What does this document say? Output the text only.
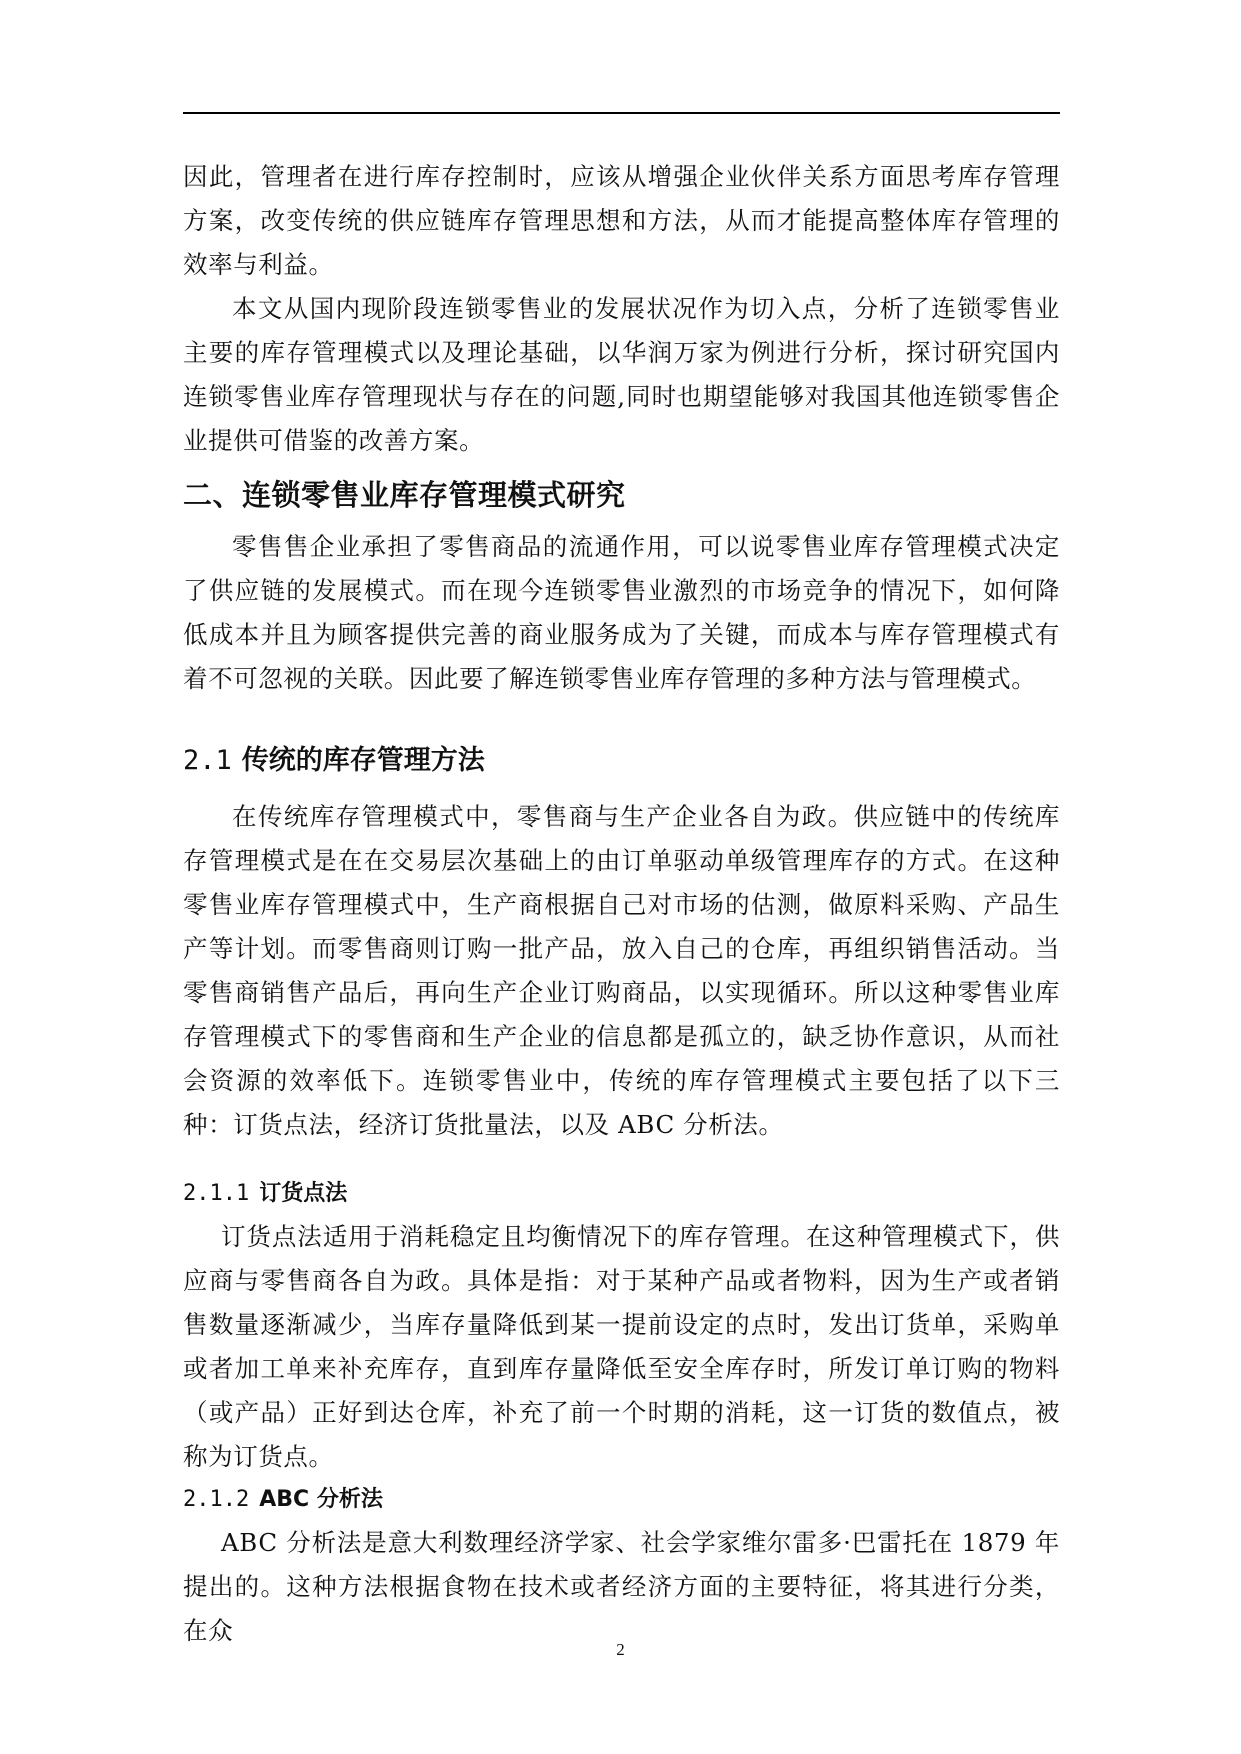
因此，管理者在进行库存控制时，应该从增强企业伙伴关系方面思考库存管理方案，改变传统的供应链库存管理思想和方法，从而才能提高整体库存管理的效率与利益。

本文从国内现阶段连锁零售业的发展状况作为切入点，分析了连锁零售业主要的库存管理模式以及理论基础，以华润万家为例进行分析，探讨研究国内连锁零售业库存管理现状与存在的问题,同时也期望能够对我国其他连锁零售企业提供可借鉴的改善方案。

二、连锁零售业库存管理模式研究

零售售企业承担了零售商品的流通作用，可以说零售业库存管理模式决定了供应链的发展模式。而在现今连锁零售业激烈的市场竞争的情况下，如何降低成本并且为顾客提供完善的商业服务成为了关键，而成本与库存管理模式有着不可忽视的关联。因此要了解连锁零售业库存管理的多种方法与管理模式。

2.1 传统的库存管理方法

在传统库存管理模式中，零售商与生产企业各自为政。供应链中的传统库存管理模式是在在交易层次基础上的由订单驱动单级管理库存的方式。在这种零售业库存管理模式中，生产商根据自己对市场的估测，做原料采购、产品生产等计划。而零售商则订购一批产品，放入自己的仓库，再组织销售活动。当零售商销售产品后，再向生产企业订购商品，以实现循环。所以这种零售业库存管理模式下的零售商和生产企业的信息都是孤立的，缺乏协作意识，从而社会资源的效率低下。连锁零售业中，传统的库存管理模式主要包括了以下三种：订货点法，经济订货批量法，以及 ABC 分析法。

2.1.1 订货点法

订货点法适用于消耗稳定且均衡情况下的库存管理。在这种管理模式下，供应商与零售商各自为政。具体是指：对于某种产品或者物料，因为生产或者销售数量逐渐减少，当库存量降低到某一提前设定的点时，发出订货单，采购单或者加工单来补充库存，直到库存量降低至安全库存时，所发订单订购的物料（或产品）正好到达仓库，补充了前一个时期的消耗，这一订货的数值点，被称为订货点。

2.1.2 ABC 分析法

ABC 分析法是意大利数理经济学家、社会学家维尔雷多·巴雷托在 1879 年提出的。这种方法根据食物在技术或者经济方面的主要特征，将其进行分类，在众

2
